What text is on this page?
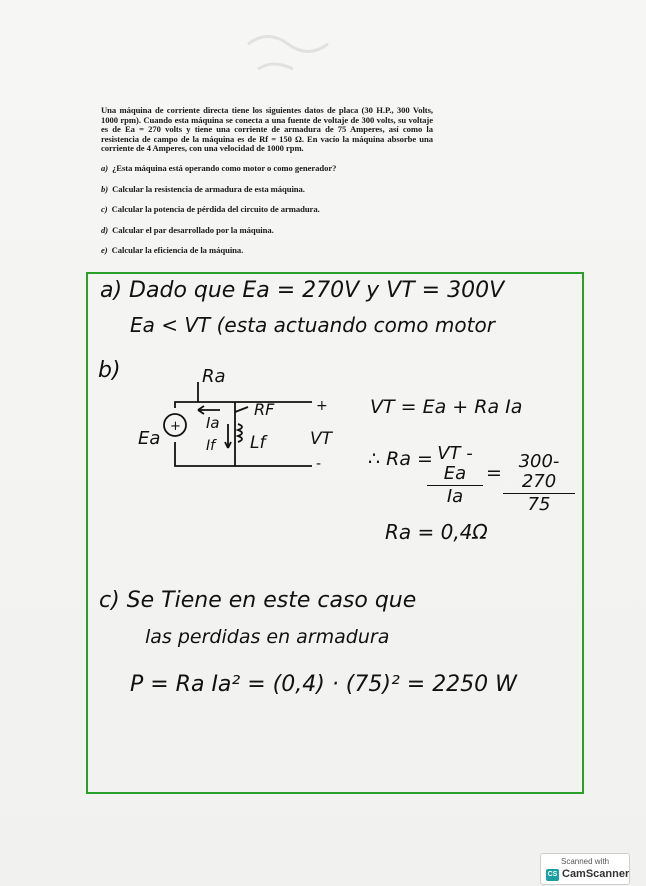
Una máquina de corriente directa tiene los siguientes datos de placa (30 H.P., 300 Volts, 1000 rpm). Cuando esta máquina se conecta a una fuente de voltaje de 300 volts, su voltaje es de Ea = 270 volts y tiene una corriente de armadura de 75 Amperes, así como la resistencia de campo de la máquina es de Rf = 150 Ω. En vacío la máquina absorbe una corriente de 4 Amperes, con una velocidad de 1000 rpm.

a) ¿Esta máquina está operando como motor o como generador?
b) Calcular la resistencia de armadura de esta máquina.
c) Calcular la potencia de pérdida del circuito de armadura.
d) Calcular el par desarrollado por la máquina.
e) Calcular la eficiencia de la máquina.
a) Dado que Ea = 270V y VT = 300V
Ea < VT (esta actuando como motor
b)	Ra
RF
Lf
Ia
If
Ea	VT
+
-
+
VT = Ea + Ra Ia
∴ Ra = VT - Ea
Ia
=
300-270
75
Ra = 0,4Ω
c) Se Tiene en este caso que
las perdidas en armadura
P = Ra Ia² = (0,4) · (75)² = 2250 W
Scanned with
CS CamScanner
